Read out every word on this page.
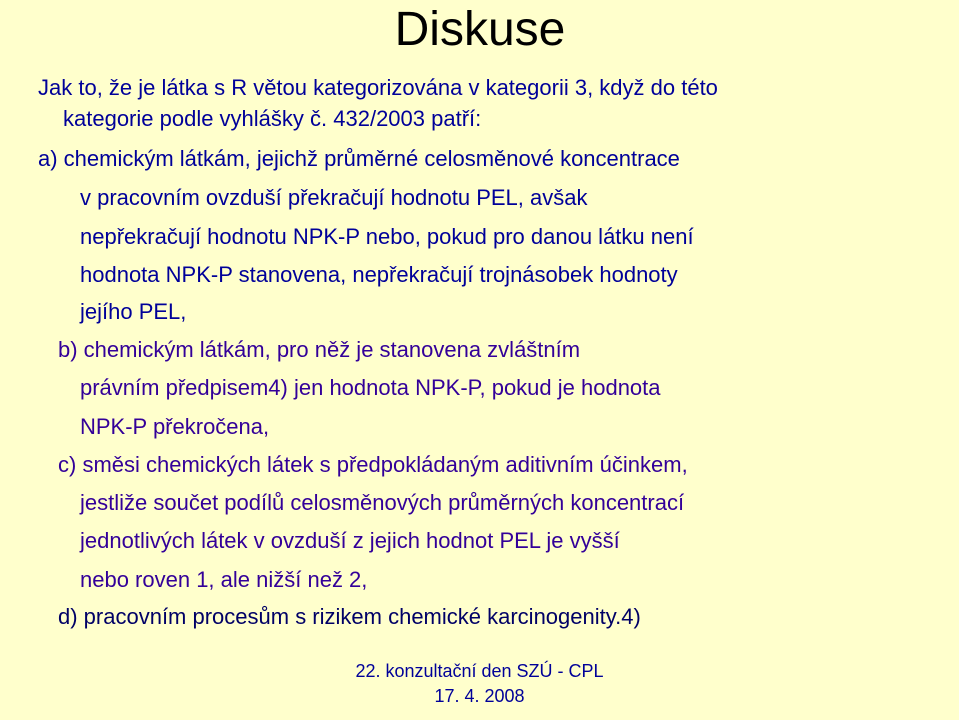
Diskuse
Jak to, že je látka s R větou kategorizována v kategorii 3, když do této
kategorie podle vyhlášky č. 432/2003 patří:
a) chemickým látkám, jejichž průměrné celosměnové koncentrace
v pracovním ovzduší překračují hodnotu PEL, avšak
nepřekračují hodnotu NPK-P nebo, pokud pro danou látku není
hodnota NPK-P stanovena, nepřekračují trojnásobek hodnoty
jejího PEL,
b) chemickým látkám, pro něž je stanovena zvláštním
právním předpisem4) jen hodnota NPK-P, pokud je hodnota
NPK-P překročena,
c) směsi chemických látek s předpokládaným aditivním účinkem,
jestliže součet podílů celosměnových průměrných koncentrací
jednotlivých látek v ovzduší z jejich hodnot PEL je vyšší
nebo roven 1, ale nižší než 2,
d) pracovním procesům s rizikem chemické karcinogenity.4)
22. konzultační den SZÚ - CPL
17. 4. 2008
